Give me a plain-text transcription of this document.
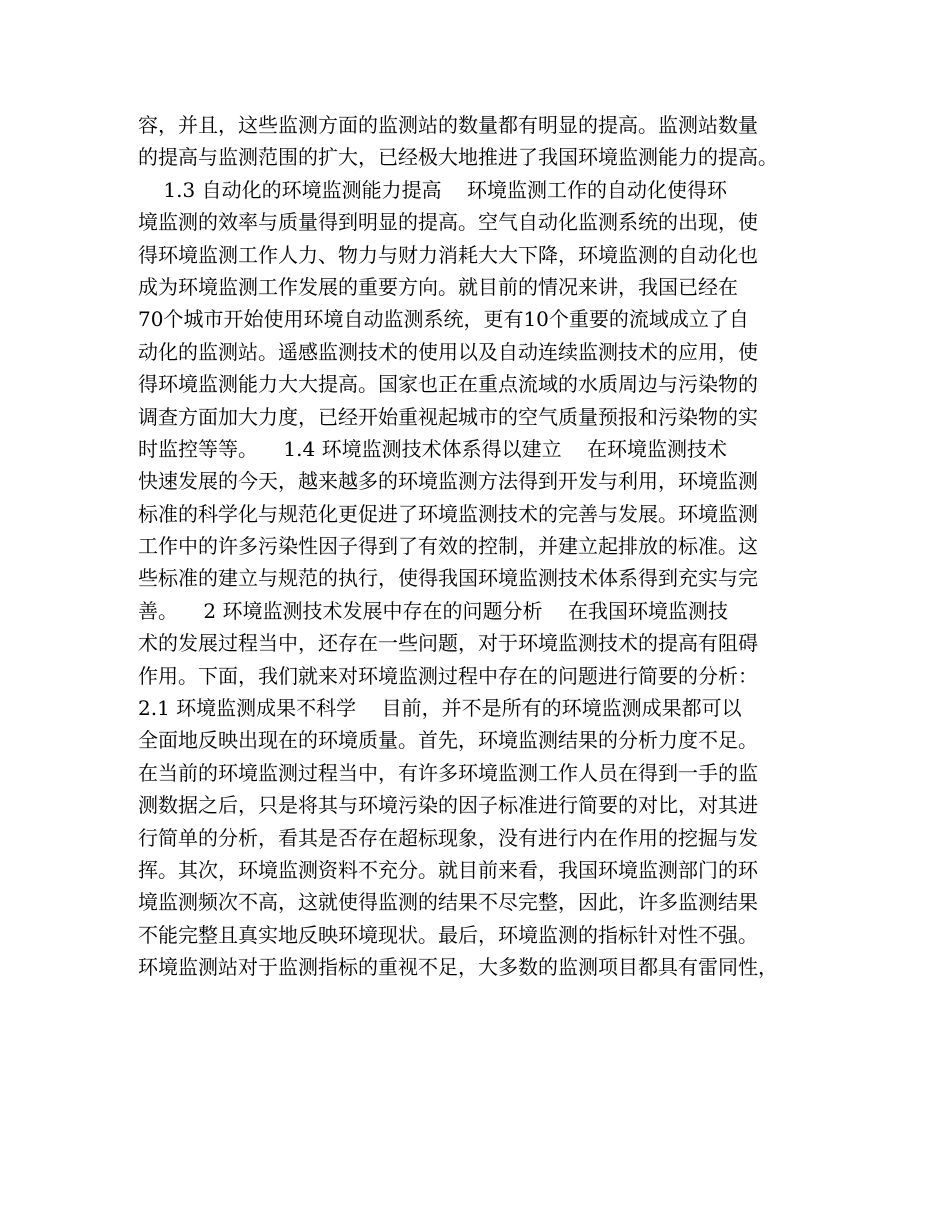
容，并且，这些监测方面的监测站的数量都有明显的提高。监测站数量
的提高与监测范围的扩大，已经极大地推进了我国环境监测能力的提高。
1.3 自动化的环境监测能力提高    环境监测工作的自动化使得环
境监测的效率与质量得到明显的提高。空气自动化监测系统的出现，使
得环境监测工作人力、物力与财力消耗大大下降，环境监测的自动化也
成为环境监测工作发展的重要方向。就目前的情况来讲，我国已经在
70个城市开始使用环境自动监测系统，更有10个重要的流域成立了自
动化的监测站。遥感监测技术的使用以及自动连续监测技术的应用，使
得环境监测能力大大提高。国家也正在重点流域的水质周边与污染物的
调查方面加大力度，已经开始重视起城市的空气质量预报和污染物的实
时监控等等。    1.4 环境监测技术体系得以建立    在环境监测技术
快速发展的今天，越来越多的环境监测方法得到开发与利用，环境监测
标准的科学化与规范化更促进了环境监测技术的完善与发展。环境监测
工作中的许多污染性因子得到了有效的控制，并建立起排放的标准。这
些标准的建立与规范的执行，使得我国环境监测技术体系得到充实与完
善。    2 环境监测技术发展中存在的问题分析    在我国环境监测技
术的发展过程当中，还存在一些问题，对于环境监测技术的提高有阻碍
作用。下面，我们就来对环境监测过程中存在的问题进行简要的分析：
2.1 环境监测成果不科学    目前，并不是所有的环境监测成果都可以
全面地反映出现在的环境质量。首先，环境监测结果的分析力度不足。
在当前的环境监测过程当中，有许多环境监测工作人员在得到一手的监
测数据之后，只是将其与环境污染的因子标准进行简要的对比，对其进
行简单的分析，看其是否存在超标现象，没有进行内在作用的挖掘与发
挥。其次，环境监测资料不充分。就目前来看，我国环境监测部门的环
境监测频次不高，这就使得监测的结果不尽完整，因此，许多监测结果
不能完整且真实地反映环境现状。最后，环境监测的指标针对性不强。
环境监测站对于监测指标的重视不足，大多数的监测项目都具有雷同性，
